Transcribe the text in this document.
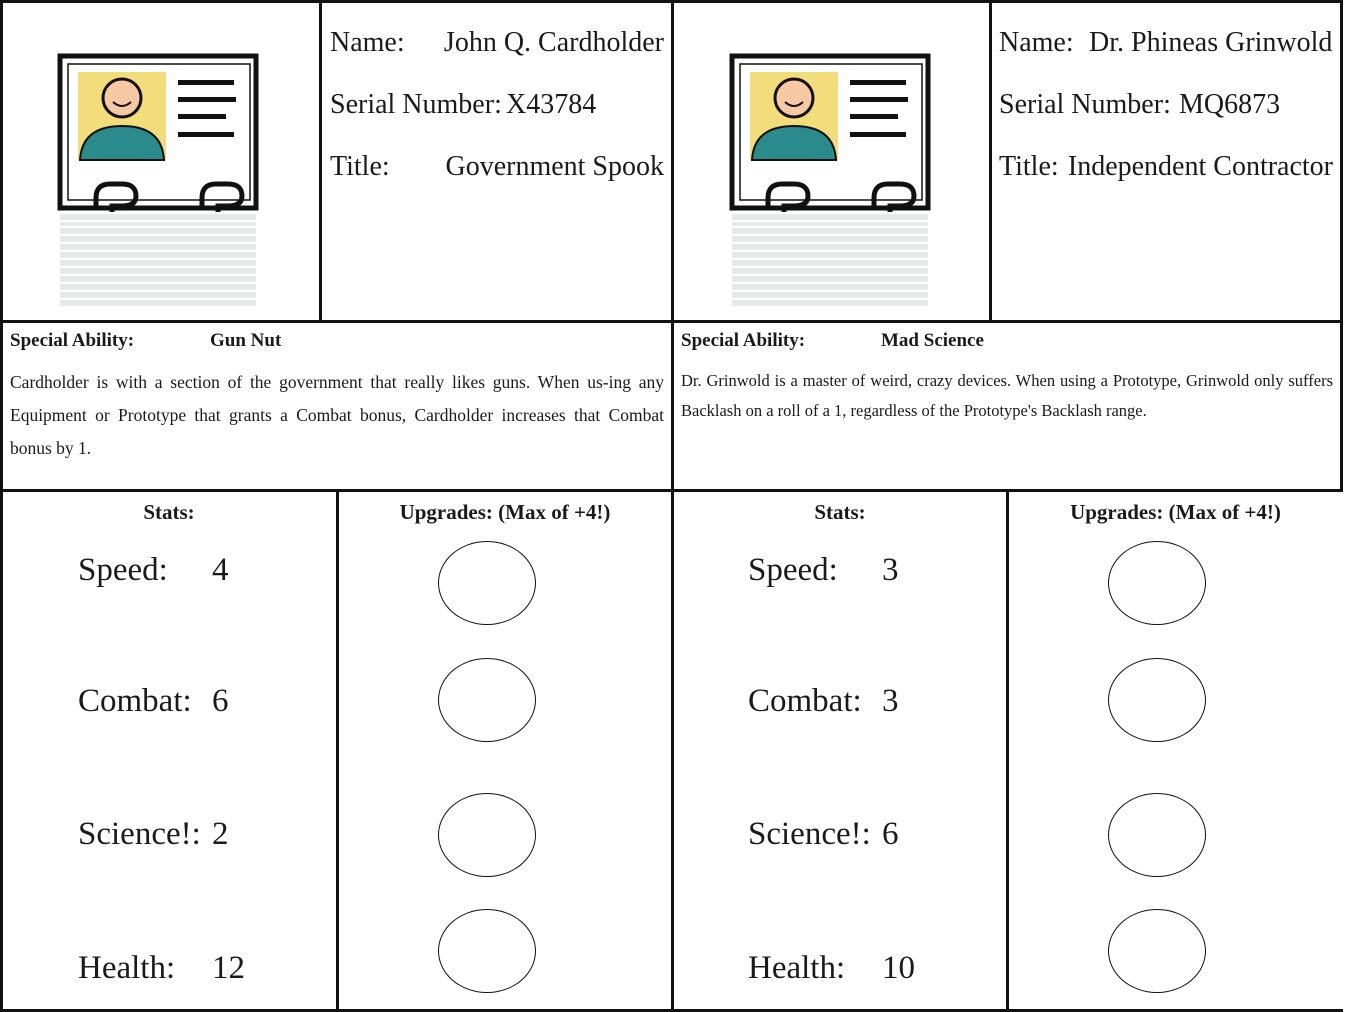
Name:	John Q. Cardholder
Serial Number: X43784
Title:	Government Spook
Special Ability:	Gun Nut
Cardholder is with a section of the government that really likes guns. When us-ing any Equipment or Prototype that grants a Combat bonus, Cardholder increases that Combat bonus by 1.
Stats:	Upgrades: (Max of +4!)
Speed:	4
Combat: 6
Science!: 2
Health:	12
Name: Dr. Phineas Grinwold
Serial Number: MQ6873
Title: Independent Contractor
Special Ability:	Mad Science
Dr. Grinwold is a master of weird, crazy devices. When using a Prototype, Grinwold only suffers Backlash on a roll of a 1, regardless of the Prototype's Backlash range.
Stats:	Upgrades: (Max of +4!)
Speed:	3
Combat: 3
Science!: 6
Health:	10
